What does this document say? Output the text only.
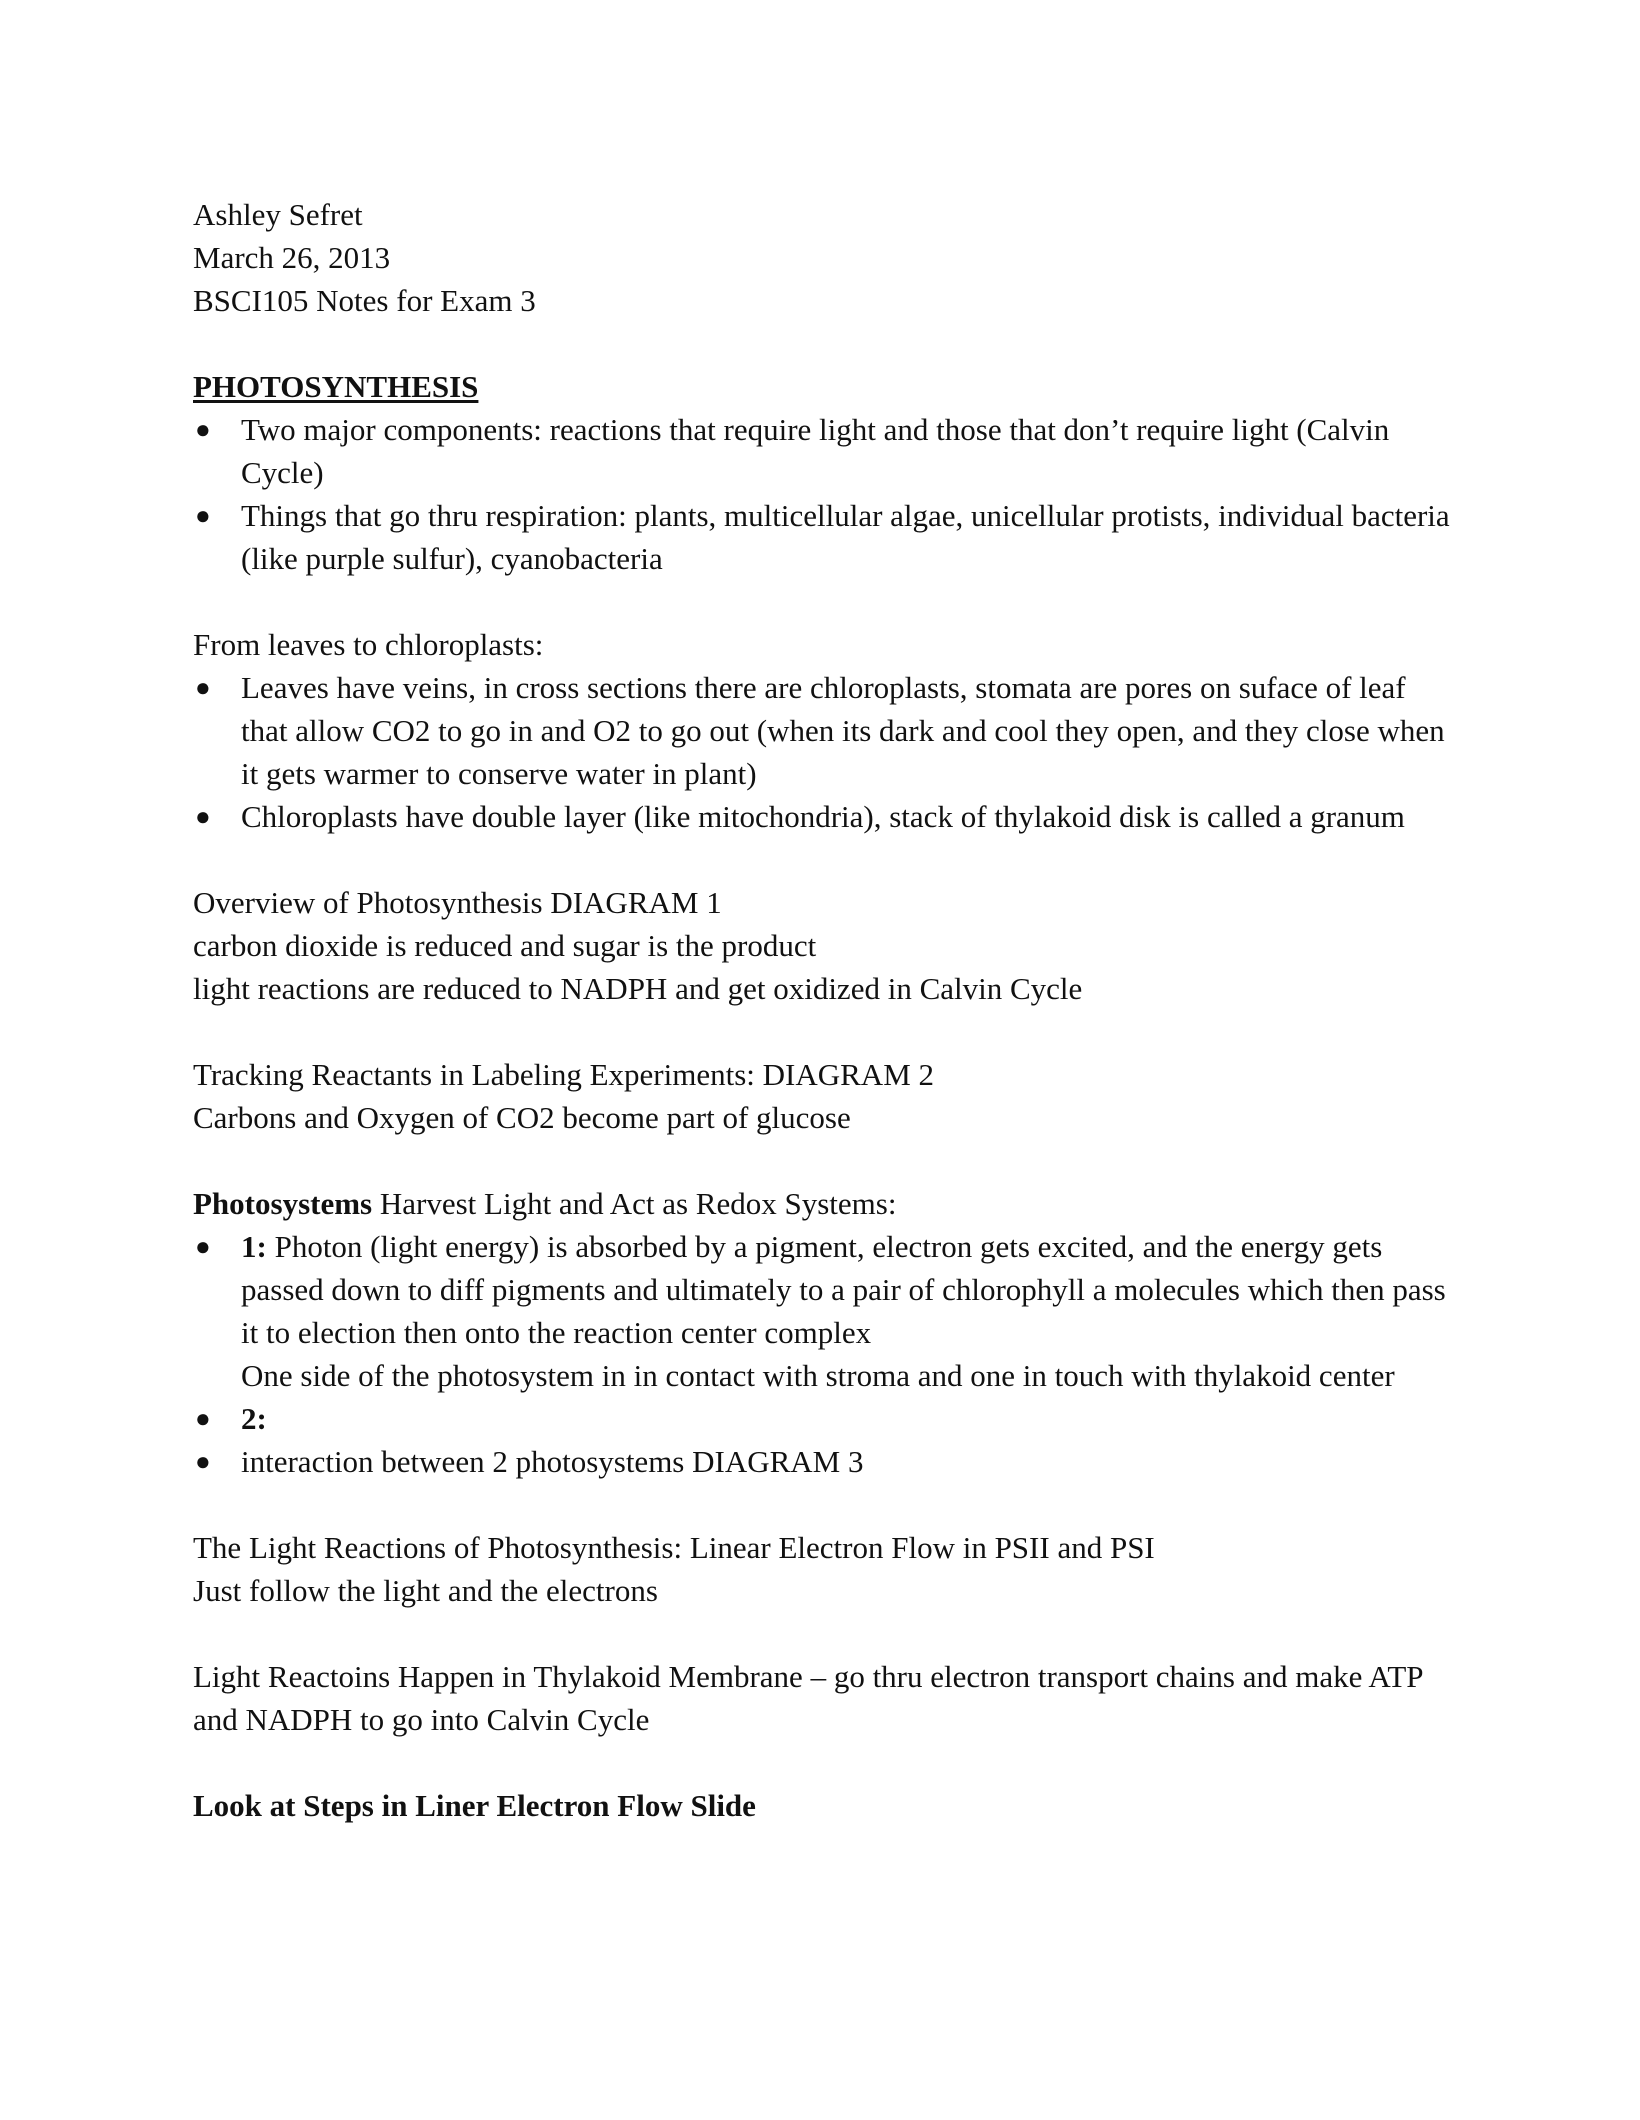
Ashley Sefret
March 26, 2013
BSCI105 Notes for Exam 3
PHOTOSYNTHESIS
● Two major components: reactions that require light and those that don’t require light (Calvin Cycle)
● Things that go thru respiration: plants, multicellular algae, unicellular protists, individual bacteria (like purple sulfur), cyanobacteria
From leaves to chloroplasts:
● Leaves have veins, in cross sections there are chloroplasts, stomata are pores on suface of leaf that allow CO2 to go in and O2 to go out (when its dark and cool they open, and they close when it gets warmer to conserve water in plant)
● Chloroplasts have double layer (like mitochondria), stack of thylakoid disk is called a granum
Overview of Photosynthesis DIAGRAM 1
carbon dioxide is reduced and sugar is the product
light reactions are reduced to NADPH and get oxidized in Calvin Cycle
Tracking Reactants in Labeling Experiments: DIAGRAM 2
Carbons and Oxygen of CO2 become part of glucose
Photosystems Harvest Light and Act as Redox Systems:
● 1: Photon (light energy) is absorbed by a pigment, electron gets excited, and the energy gets passed down to diff pigments and ultimately to a pair of chlorophyll a molecules which then pass it to election then onto the reaction center complex
One side of the photosystem in in contact with stroma and one in touch with thylakoid center
● 2:
● interaction between 2 photosystems DIAGRAM 3
The Light Reactions of Photosynthesis: Linear Electron Flow in PSII and PSI
Just follow the light and the electrons
Light Reactoins Happen in Thylakoid Membrane – go thru electron transport chains and make ATP and NADPH to go into Calvin Cycle
Look at Steps in Liner Electron Flow Slide
